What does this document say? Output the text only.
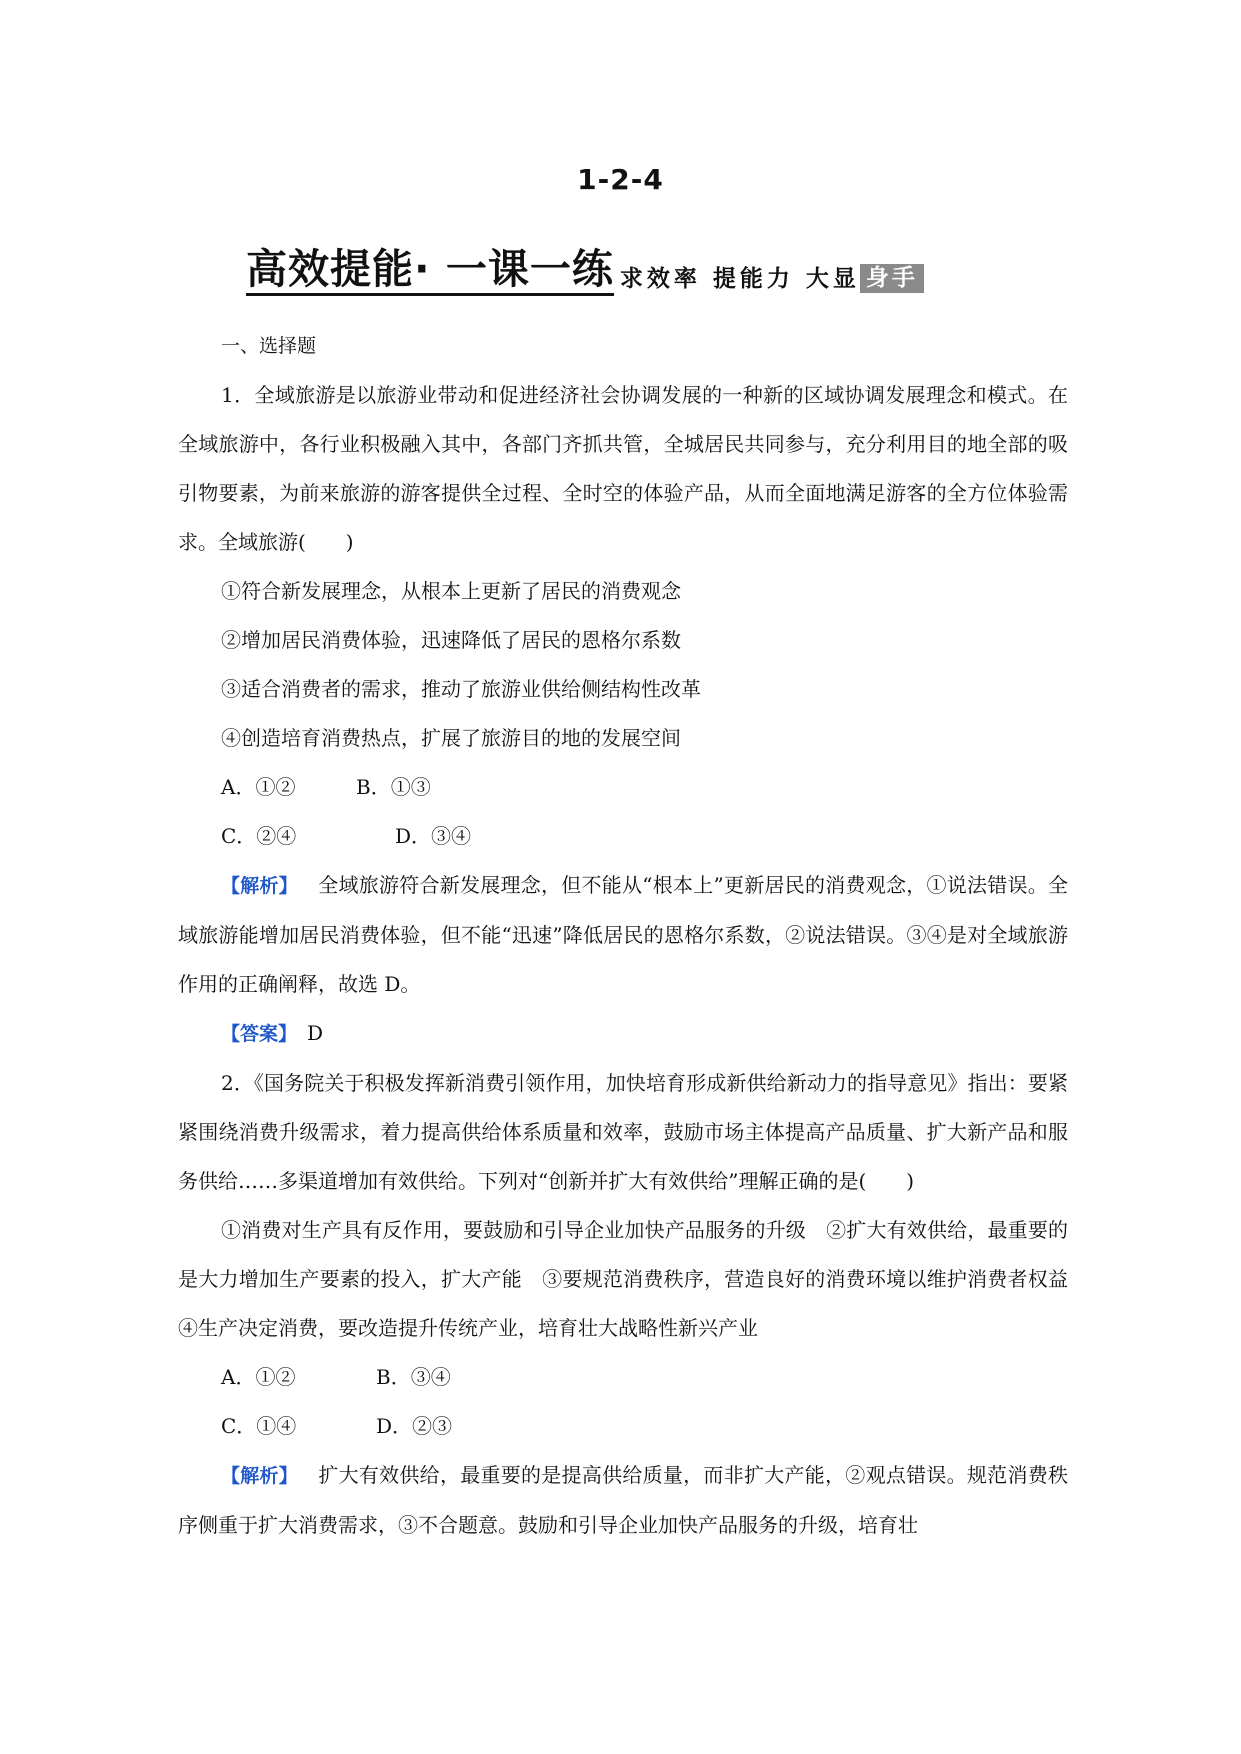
1-2-4
高效提能· 一课一练 求效率 提能力 大显 身手

一、选择题

1．全域旅游是以旅游业带动和促进经济社会协调发展的一种新的区域协调发展理念和模式。在全域旅游中，各行业积极融入其中，各部门齐抓共管，全城居民共同参与，充分利用目的地全部的吸引物要素，为前来旅游的游客提供全过程、全时空的体验产品，从而全面地满足游客的全方位体验需求。全域旅游(　　)

①符合新发展理念，从根本上更新了居民的消费观念

②增加居民消费体验，迅速降低了居民的恩格尔系数

③适合消费者的需求，推动了旅游业供给侧结构性改革

④创造培育消费热点，扩展了旅游目的地的发展空间

A．①②	B．①③
C．②④	D．③④

【解析】  全域旅游符合新发展理念，但不能从“根本上”更新居民的消费观念，①说法错误。全域旅游能增加居民消费体验，但不能“迅速”降低居民的恩格尔系数，②说法错误。③④是对全域旅游作用的正确阐释，故选 D。

【答案】  D

2．《国务院关于积极发挥新消费引领作用，加快培育形成新供给新动力的指导意见》指出：要紧紧围绕消费升级需求，着力提高供给体系质量和效率，鼓励市场主体提高产品质量、扩大新产品和服务供给……多渠道增加有效供给。下列对“创新并扩大有效供给”理解正确的是(　　)

①消费对生产具有反作用，要鼓励和引导企业加快产品服务的升级　②扩大有效供给，最重要的是大力增加生产要素的投入，扩大产能　③要规范消费秩序，营造良好的消费环境以维护消费者权益　④生产决定消费，要改造提升传统产业，培育壮大战略性新兴产业

A．①②	B．③④
C．①④	D．②③

【解析】  扩大有效供给，最重要的是提高供给质量，而非扩大产能，②观点错误。规范消费秩序侧重于扩大消费需求，③不合题意。鼓励和引导企业加快产品服务的升级，培育壮
